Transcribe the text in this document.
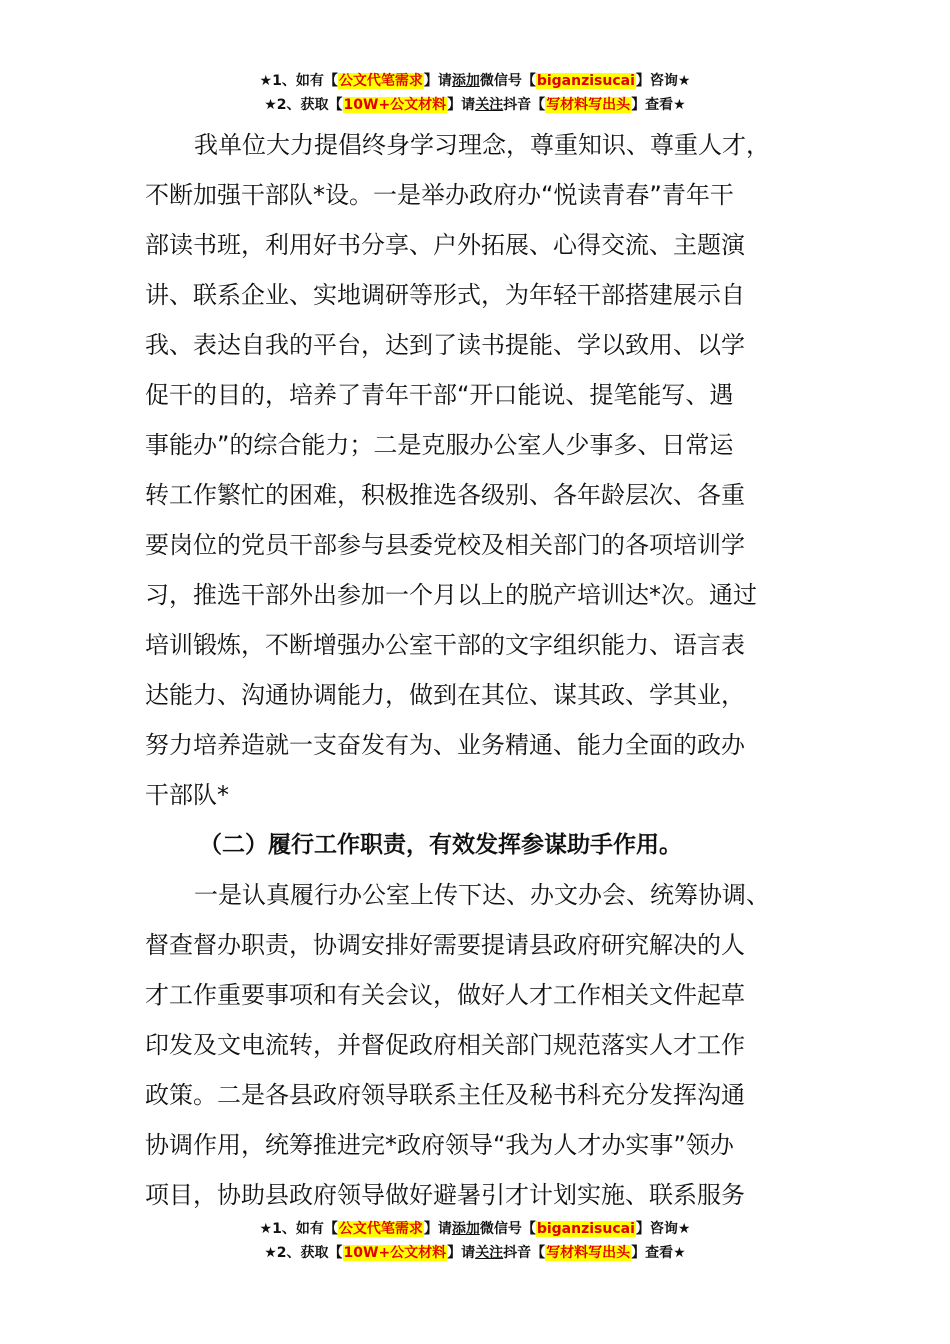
★1、如有【公文代笔需求】请添加微信号【biganzisucai】咨询★
★2、获取【10W+公文材料】请关注抖音【写材料写出头】查看★
我单位大力提倡终身学习理念，尊重知识、尊重人才，
不断加强干部队*设。一是举办政府办“悦读青春”青年干
部读书班，利用好书分享、户外拓展、心得交流、主题演
讲、联系企业、实地调研等形式，为年轻干部搭建展示自
我、表达自我的平台，达到了读书提能、学以致用、以学
促干的目的，培养了青年干部“开口能说、提笔能写、遇
事能办”的综合能力；二是克服办公室人少事多、日常运
转工作繁忙的困难，积极推选各级别、各年龄层次、各重
要岗位的党员干部参与县委党校及相关部门的各项培训学
习，推选干部外出参加一个月以上的脱产培训达*次。通过
培训锻炼，不断增强办公室干部的文字组织能力、语言表
达能力、沟通协调能力，做到在其位、谋其政、学其业，
努力培养造就一支奋发有为、业务精通、能力全面的政办
干部队*
（二）履行工作职责，有效发挥参谋助手作用。
一是认真履行办公室上传下达、办文办会、统筹协调、
督查督办职责，协调安排好需要提请县政府研究解决的人
才工作重要事项和有关会议，做好人才工作相关文件起草
印发及文电流转，并督促政府相关部门规范落实人才工作
政策。二是各县政府领导联系主任及秘书科充分发挥沟通
协调作用，统筹推进完*政府领导“我为人才办实事”领办
项目，协助县政府领导做好避暑引才计划实施、联系服务
★1、如有【公文代笔需求】请添加微信号【biganzisucai】咨询★
★2、获取【10W+公文材料】请关注抖音【写材料写出头】查看★
